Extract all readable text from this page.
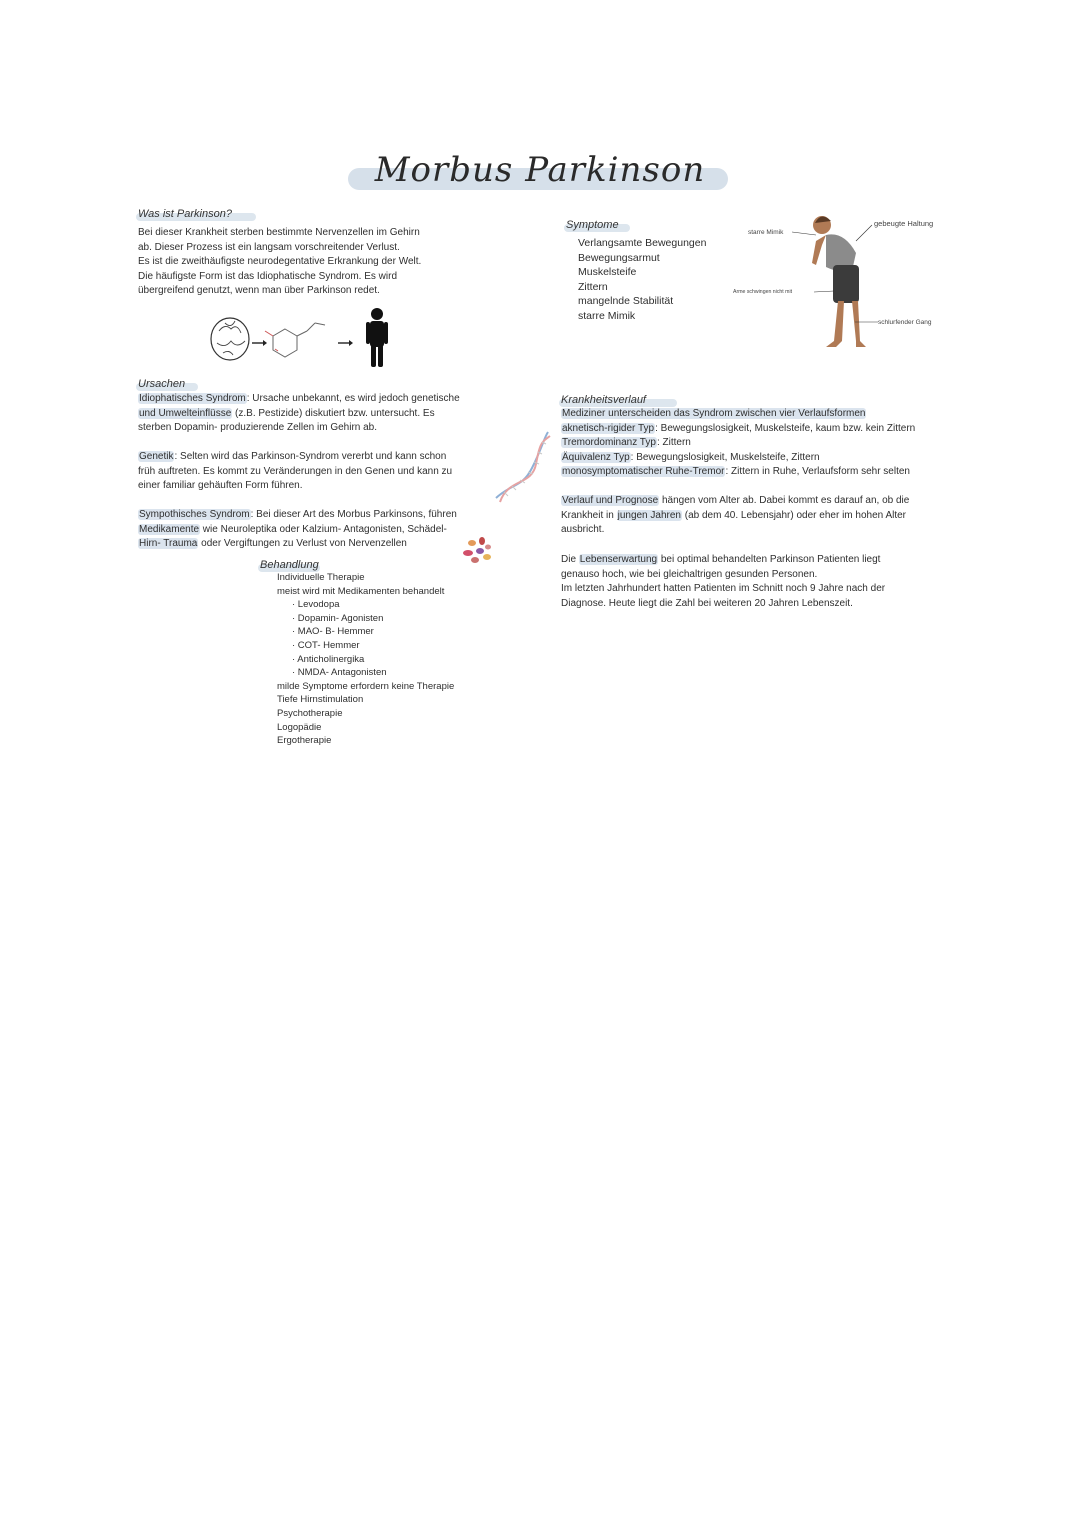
Morbus Parkinson
Was ist Parkinson?

Bei dieser Krankheit sterben bestimmte Nervenzellen im Gehirn

ab. Dieser Prozess ist ein langsam vorschreitender Verlust.

Es ist die zweithäufigste neurodegentative Erkrankung der Welt.

Die häufigste Form ist das Idiophatische Syndrom. Es wird

übergreifend genutzt, wenn man über Parkinson redet.

Symptome
Verlangsamte Bewegungen
Bewegungsarmut
Muskelsteife
Zittern
mangelnde Stabilität
starre Mimik
starre Mimik
gebeugte Haltung
Arme schwingen nicht mit
schlurfender Gang
Ursachen

Idiophatisches Syndrom: Ursache unbekannt, es wird jedoch genetische

und Umwelteinflüsse (z.B. Pestizide) diskutiert bzw. untersucht. Es

sterben Dopamin- produzierende Zellen im Gehirn ab.

Genetik: Selten wird das Parkinson-Syndrom vererbt und kann schon

früh auftreten. Es kommt zu Veränderungen in den Genen und kann zu

einer familiar gehäuften Form führen.

Sympothisches Syndrom: Bei dieser Art des Morbus Parkinsons, führen

Medikamente wie Neuroleptika oder Kalzium- Antagonisten, Schädel-

Hirn- Trauma oder Vergiftungen zu Verlust von Nervenzellen

Behandlung
Individuelle Therapie
meist wird mit Medikamenten behandelt
· Levodopa
· Dopamin- Agonisten
· MAO- B- Hemmer
· COT- Hemmer
· Anticholinergika
· NMDA- Antagonisten
milde Symptome erfordern keine Therapie
Tiefe Hirnstimulation
Psychotherapie
Logopädie
Ergotherapie
Krankheitsverlauf

Mediziner unterscheiden das Syndrom zwischen vier Verlaufsformen

aknetisch-rigider Typ: Bewegungslosigkeit, Muskelsteife, kaum bzw. kein Zittern

Tremordominanz Typ: Zittern

Äquivalenz Typ: Bewegungslosigkeit, Muskelsteife, Zittern

monosymptomatischer Ruhe-Tremor: Zittern in Ruhe, Verlaufsform sehr selten

Verlauf und Prognose hängen vom Alter ab. Dabei kommt es darauf an, ob die

Krankheit in jungen Jahren (ab dem 40. Lebensjahr) oder eher im hohen Alter

ausbricht.

Die Lebenserwartung bei optimal behandelten Parkinson Patienten liegt

genauso hoch, wie bei gleichaltrigen gesunden Personen.

Im letzten Jahrhundert hatten Patienten im Schnitt noch 9 Jahre nach der

Diagnose. Heute liegt die Zahl bei weiteren 20 Jahren Lebenszeit.
